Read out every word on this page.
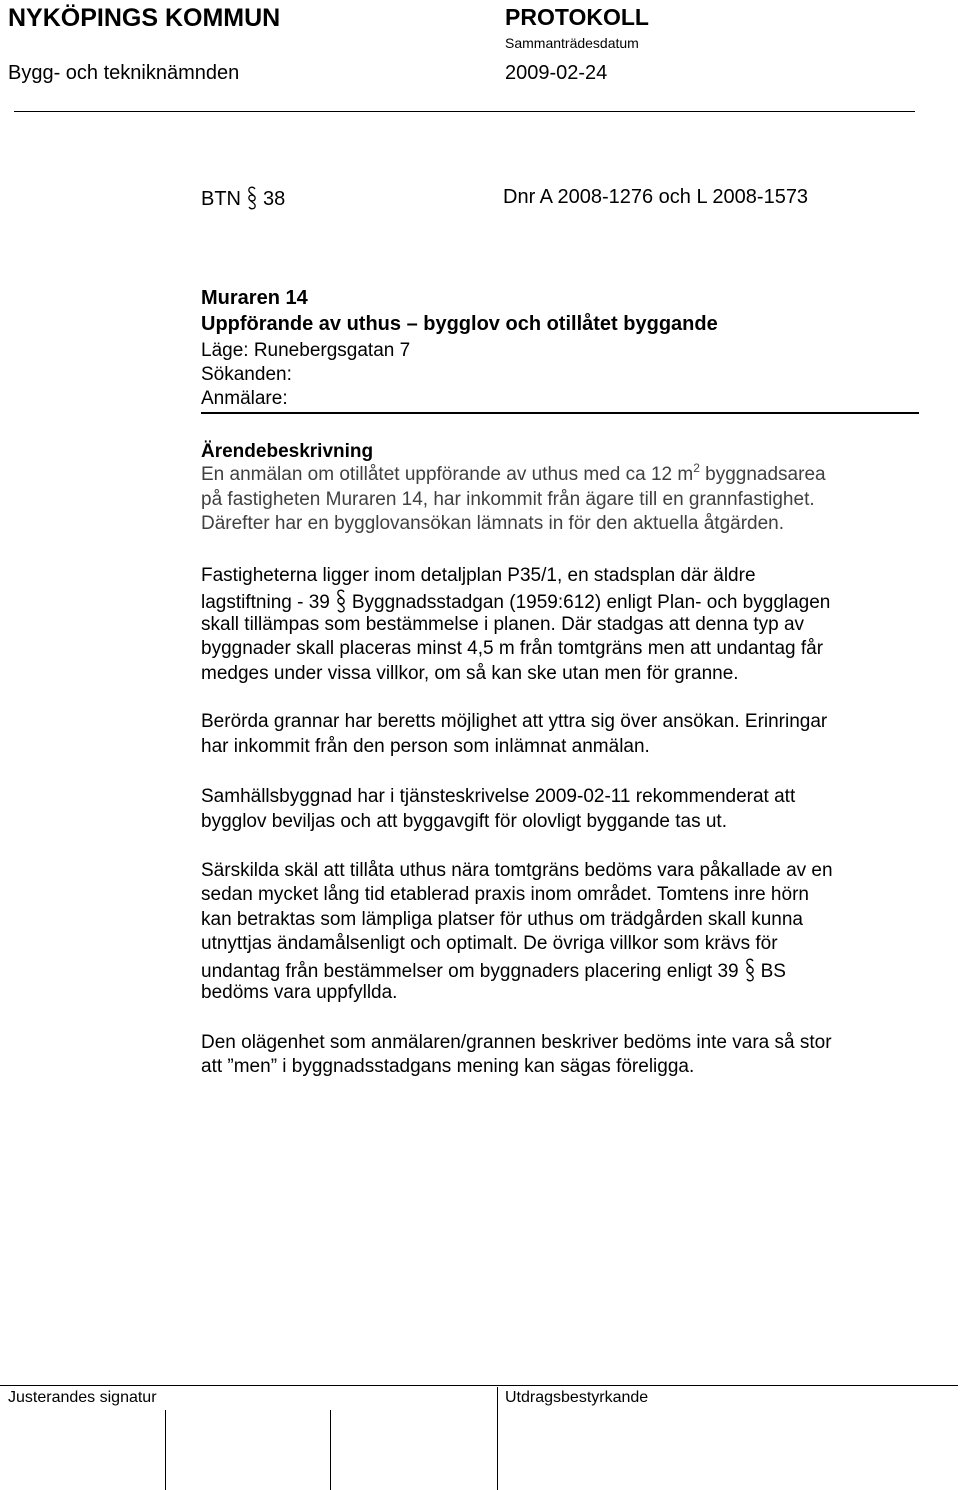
NYKÖPINGS KOMMUN
Bygg- och tekniknämnden
PROTOKOLL
Sammanträdesdatum
2009-02-24
BTN 38	Dnr A 2008-1276 och L 2008-1573
Muraren 14
Uppförande av uthus – bygglov och otillåtet byggande
Läge: Runebergsgatan 7
Sökanden:
Anmälare:
Ärendebeskrivning
En anmälan om otillåtet uppförande av uthus med ca 12 $m^2$ byggnadsarea
på fastigheten Muraren 14, har inkommit från ägare till en grannfastighet.
Därefter har en bygglovansökan lämnats in för den aktuella åtgärden.
Fastigheterna ligger inom detaljplan P35/1, en stadsplan där äldre
lagstiftning - 39 Byggnadsstadgan (1959:612) enligt Plan- och bygglagen
skall tillämpas som bestämmelse i planen. Där stadgas att denna typ av
byggnader skall placeras minst 4,5 m från tomtgräns men att undantag får
medges under vissa villkor, om så kan ske utan men för granne.
Berörda grannar har beretts möjlighet att yttra sig över ansökan. Erinringar
har inkommit från den person som inlämnat anmälan.
Samhällsbyggnad har i tjänsteskrivelse 2009-02-11 rekommenderat att
bygglov beviljas och att byggavgift för olovligt byggande tas ut.
Särskilda skäl att tillåta uthus nära tomtgräns bedöms vara påkallade av en
sedan mycket lång tid etablerad praxis inom området. Tomtens inre hörn
kan betraktas som lämpliga platser för uthus om trädgården skall kunna
utnyttjas ändamålsenligt och optimalt. De övriga villkor som krävs för
undantag från bestämmelser om byggnaders placering enligt 39 BS
bedöms vara uppfyllda.
Den olägenhet som anmälaren/grannen beskriver bedöms inte vara så stor
att ”men” i byggnadsstadgans mening kan sägas föreligga.
Justerandes signatur	Utdragsbestyrkande
